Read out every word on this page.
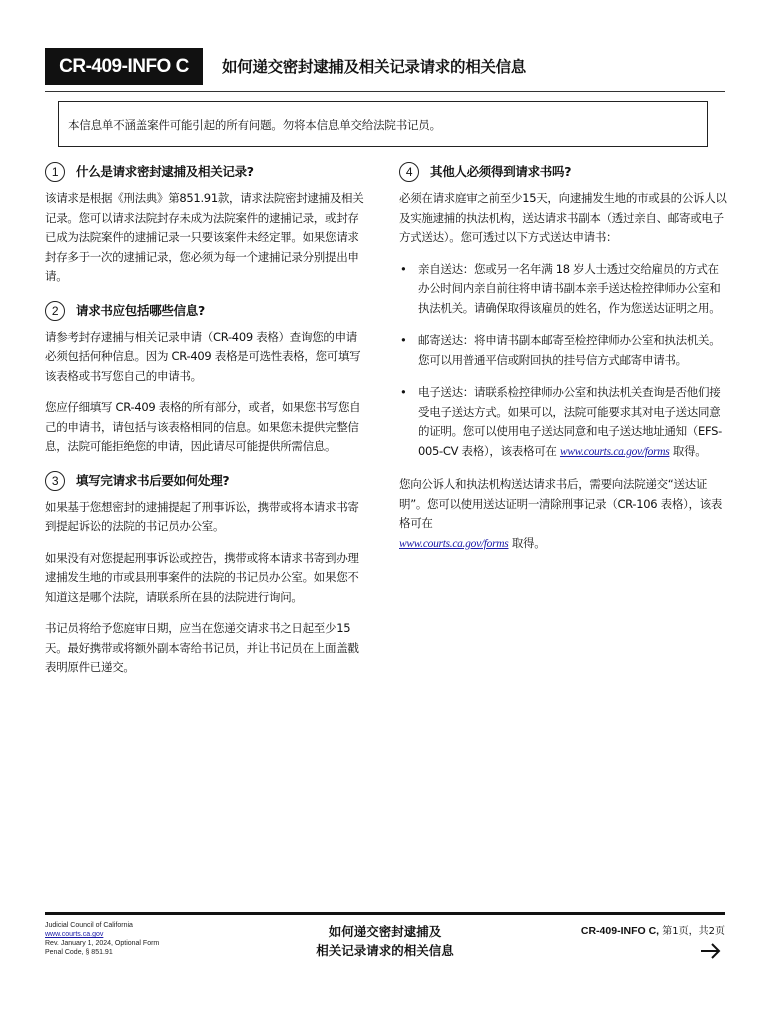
CR-409-INFO C	如何递交密封逮捕及相关记录请求的相关信息
本信息单不涵盖案件可能引起的所有问题。勿将本信息单交给法院书记员。
1	什么是请求密封逮捕及相关记录?

该请求是根据《刑法典》第851.91款，请求法院密封逮捕及相关记录。您可以请求法院封存未成为法院案件的逮捕记录，或封存已成为法院案件的逮捕记录一只要该案件未经定罪。如果您请求封存多于一次的逮捕记录，您必须为每一个逮捕记录分别提出申请。

2	请求书应包括哪些信息?

请参考封存逮捕与相关记录申请（CR-409 表格）查询您的申请必须包括何种信息。因为 CR-409 表格是可选性表格，您可填写该表格或书写您自己的申请书。

您应仔细填写 CR-409 表格的所有部分，或者，如果您书写您自己的申请书，请包括与该表格相同的信息。如果您未提供完整信息，法院可能拒绝您的申请，因此请尽可能提供所需信息。

3	填写完请求书后要如何处理?

如果基于您想密封的逮捕提起了刑事诉讼，携带或将本请求书寄到提起诉讼的法院的书记员办公室。

如果没有对您提起刑事诉讼或控告，携带或将本请求书寄到办理逮捕发生地的市或县刑事案件的法院的书记员办公室。如果您不知道这是哪个法院，请联系所在县的法院进行询问。

书记员将给予您庭审日期，应当在您递交请求书之日起至少15天。最好携带或将额外副本寄给书记员，并让书记员在上面盖戳表明原件已递交。

4	其他人必须得到请求书吗?

必须在请求庭审之前至少15天，向逮捕发生地的市或县的公诉人以及实施逮捕的执法机构，送达请求书副本（透过亲自、邮寄或电子方式送达）。您可透过以下方式送达申请书：

• 亲自送达：您或另一名年满 18 岁人士透过交给雇员的方式在办公时间内亲自前往将申请书副本亲手送达检控律师办公室和执法机关。请确保取得该雇员的姓名，作为您送达证明之用。
• 邮寄送达：将申请书副本邮寄至检控律师办公室和执法机关。您可以用普通平信或附回执的挂号信方式邮寄申请书。
• 电子送达：请联系检控律师办公室和执法机关查询是否他们接受电子送达方式。如果可以，法院可能要求其对电子送达同意的证明。您可以使用电子送达同意和电子送达地址通知（EFS-005-CV 表格），该表格可在 www.courts.ca.gov/forms 取得。

您向公诉人和执法机构送达请求书后，需要向法院递交“送达证明”。您可以使用送达证明一清除刑事记录（CR-106 表格），该表格可在
www.courts.ca.gov/forms 取得。

Judicial Council of California
www.courts.ca.gov
Rev. January 1, 2024, Optional Form
Penal Code, § 851.91
如何递交密封逮捕及
相关记录请求的相关信息
CR-409-INFO C, 第1页，共2页
